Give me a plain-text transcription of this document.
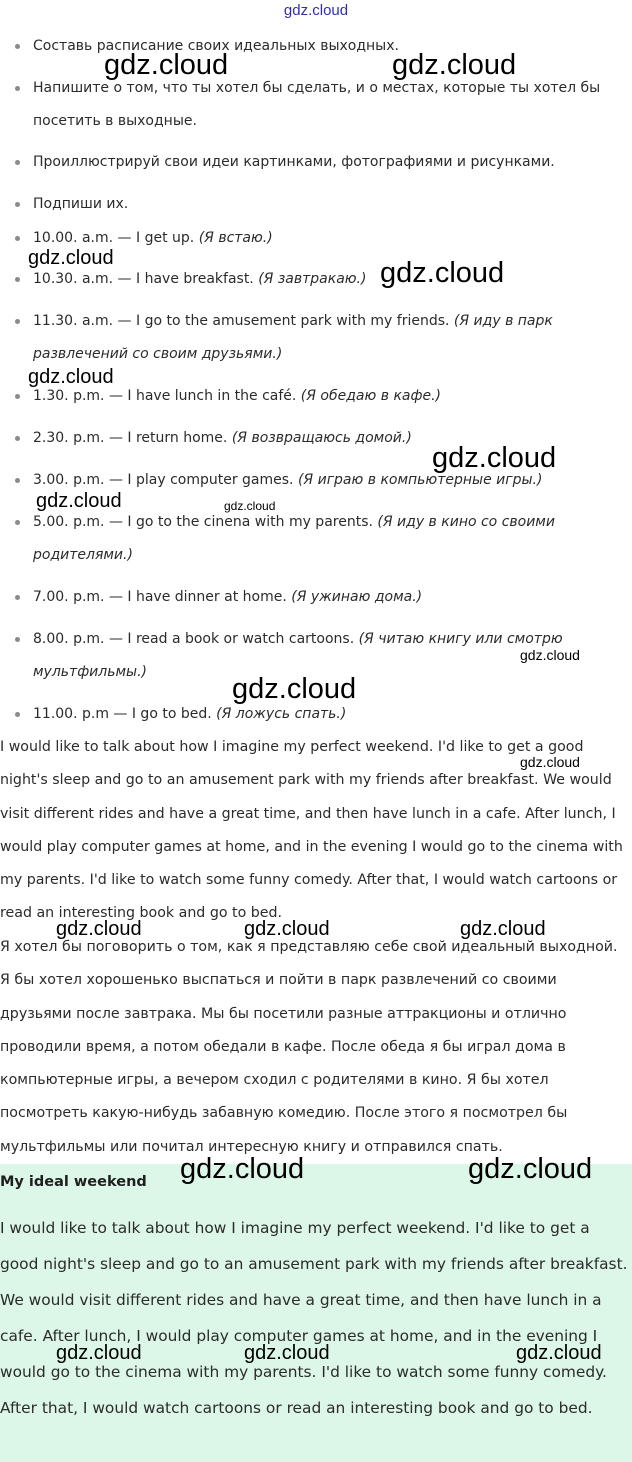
gdz.cloud
Составь расписание своих идеальных выходных.
Напишите о том, что ты хотел бы сделать, и о местах, которые ты хотел бы посетить в выходные.
Проиллюстрируй свои идеи картинками, фотографиями и рисунками.
Подпиши их.
10.00. a.m. — I get up. (Я встаю.)
10.30. a.m. — I have breakfast. (Я завтракаю.)
11.30. a.m. — I go to the amusement park with my friends. (Я иду в парк развлечений со своим друзьями.)
1.30. p.m. — I have lunch in the café. (Я обедаю в кафе.)
2.30. p.m. — I return home. (Я возвращаюсь домой.)
3.00. p.m. — I play computer games. (Я играю в компьютерные игры.)
5.00. p.m. — I go to the cinena with my parents. (Я иду в кино со своими родителями.)
7.00. p.m. — I have dinner at home. (Я ужинаю дома.)
8.00. p.m. — I read a book or watch cartoons. (Я читаю книгу или смотрю мультфильмы.)
11.00. p.m — I go to bed. (Я ложусь спать.)
I would like to talk about how I imagine my perfect weekend. I'd like to get a good night's sleep and go to an amusement park with my friends after breakfast. We would visit different rides and have a great time, and then have lunch in a cafe. After lunch, I would play computer games at home, and in the evening I would go to the cinema with my parents. I'd like to watch some funny comedy. After that, I would watch cartoons or read an interesting book and go to bed.
Я хотел бы поговорить о том, как я представляю себе свой идеальный выходной. Я бы хотел хорошенько выспаться и пойти в парк развлечений со своими друзьями после завтрака. Мы бы посетили разные аттракционы и отлично проводили время, а потом обедали в кафе. После обеда я бы играл дома в компьютерные игры, а вечером сходил с родителями в кино. Я бы хотел посмотреть какую-нибудь забавную комедию. После этого я посмотрел бы мультфильмы или почитал интересную книгу и отправился спать.
My ideal weekend
I would like to talk about how I imagine my perfect weekend. I'd like to get a good night's sleep and go to an amusement park with my friends after breakfast. We would visit different rides and have a great time, and then have lunch in a cafe. After lunch, I would play computer games at home, and in the evening I would go to the cinema with my parents. I'd like to watch some funny comedy. After that, I would watch cartoons or read an interesting book and go to bed.
gdz.cloud	gdz.cloud
gdz.cloud	gdz.cloud
gdz.cloud
gdz.cloud
gdz.cloud	gdz.cloud
gdz.cloud
gdz.cloud
gdz.cloud
gdz.cloud	gdz.cloud	gdz.cloud
gdz.cloud	gdz.cloud
gdz.cloud	gdz.cloud	gdz.cloud
